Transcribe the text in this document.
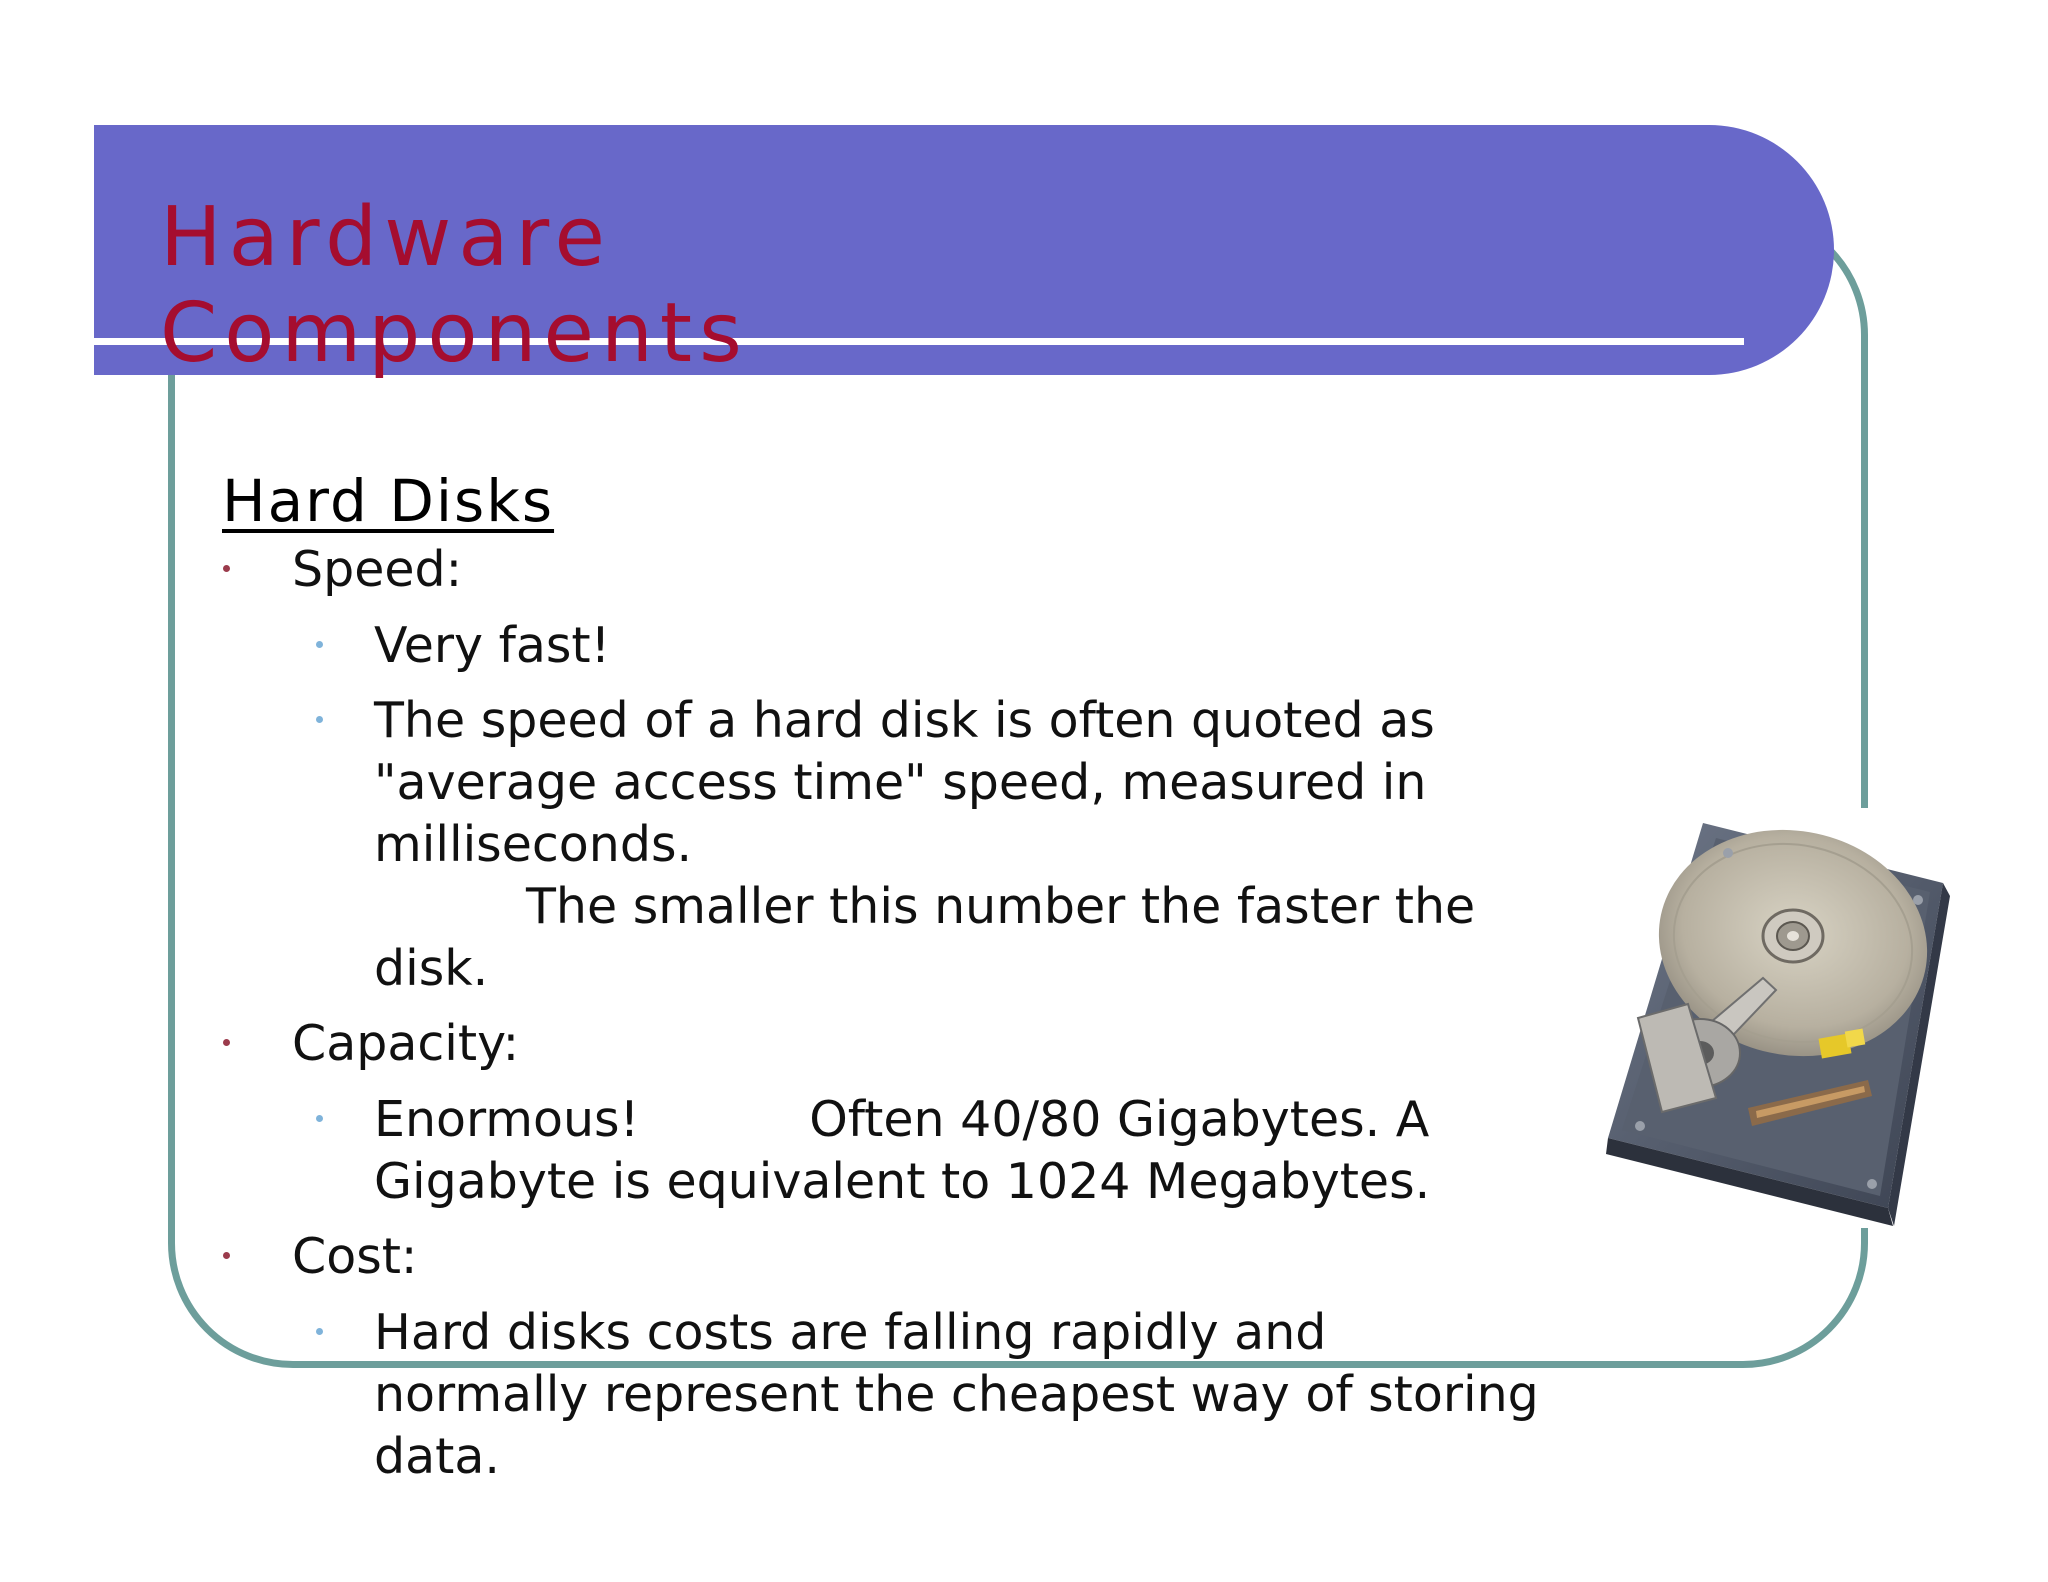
Hardware
Components
Hard Disks
Speed:
Very fast!
The speed of a hard disk is often quoted as "average access time" speed, measured in milliseconds.
The smaller this number the faster the disk.
Capacity:
Enormous!	Often 40/80 Gigabytes. A Gigabyte is equivalent to 1024 Megabytes.
Cost:
Hard disks costs are falling rapidly and normally represent the cheapest way of storing data.
